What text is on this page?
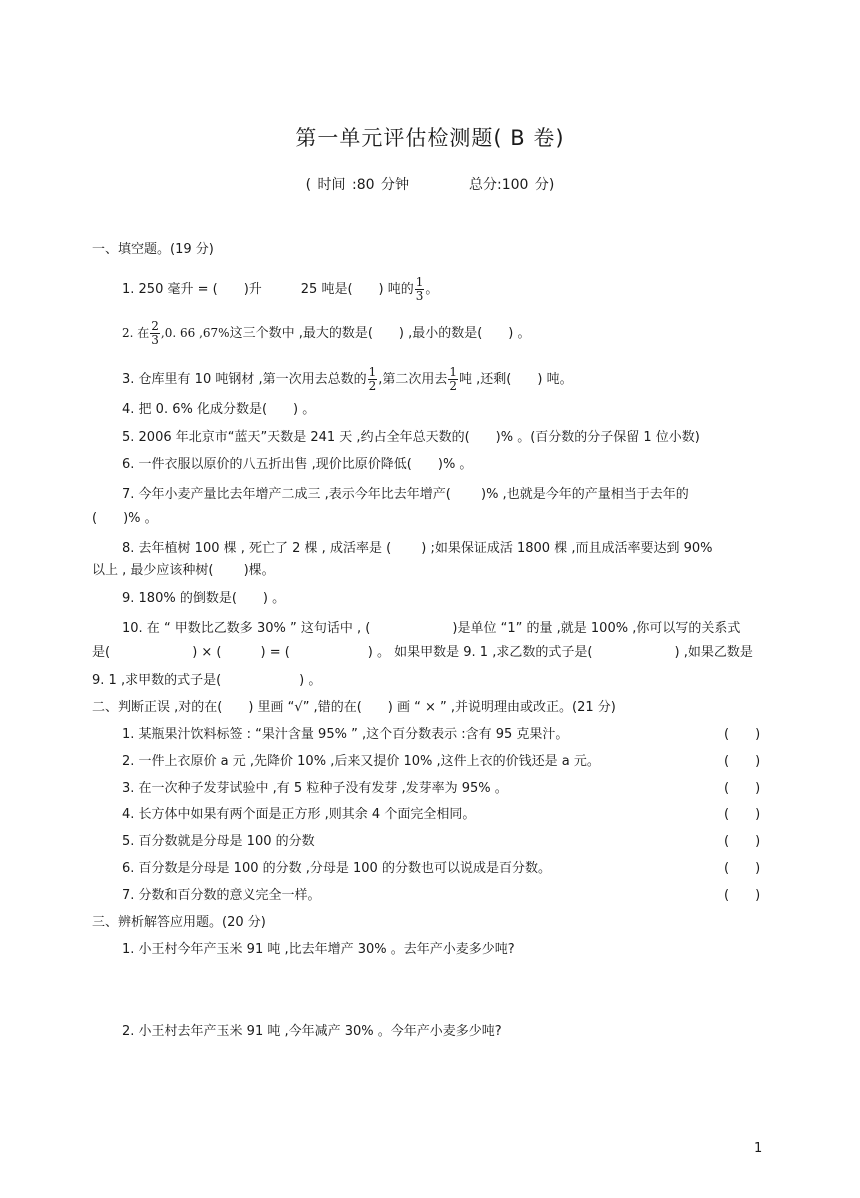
第一单元评估检测题( B 卷)
( 时间 :80 分钟	总分:100 分)
一、填空题。(19 分)
1. 250 毫升 = (　　)升　　　25 吨是(　　) 吨的 $\frac{1}{3}$ 。
2. 在 $\frac{2}{3} ,0$. 66 ,67%这三个数中 ,最大的数是(　　) ,最小的数是(　　) 。
3. 仓库里有 10 吨钢材 ,第一次用去总数的 $\frac{1}{2}$ ,第二次用去 $\frac{1}{2}$ 吨 ,还剩(　　) 吨。
4. 把 0. 6% 化成分数是(　　) 。
5. 2006 年北京市“蓝天”天数是 241 天 ,约占全年总天数的(　　)% 。(百分数的分子保留 1 位小数)
6. 一件衣服以原价的八五折出售 ,现价比原价降低(　　)% 。
7. 今年小麦产量比去年增产二成三 ,表示今年比去年增产(　　 )% ,也就是今年的产量相当于去年的
(　　)% 。
8. 去年植树 100 棵 , 死亡了 2 棵 , 成活率是 (　　 ) ;如果保证成活 1800 棵 ,而且成活率要达到 90%
以上 , 最少应该种树(　　 )棵。
9. 180% 的倒数是(　　) 。
10. 在 “ 甲数比乙数多 30% ” 这句话中 , (　　　　　　 )是单位 “1” 的量 ,就是 100% ,你可以写的关系式
是(　　　　　　 ) × (　　　) = (　　　　　　) 。 如果甲数是 9. 1 ,求乙数的式子是(　　　　　　 ) ,如果乙数是
9. 1 ,求甲数的式子是(　　　　　　) 。
二、判断正误 ,对的在(　　) 里画 “√” ,错的在(　　) 画 “ × ” ,并说明理由或改正。(21 分)
1. 某瓶果汁饮料标签 : “果汁含量 95% ” ,这个百分数表示 :含有 95 克果汁。	(　　)
2. 一件上衣原价 a 元 ,先降价 10% ,后来又提价 10% ,这件上衣的价钱还是 a 元。	(　　)
3. 在一次种子发芽试验中 ,有 5 粒种子没有发芽 ,发芽率为 95% 。	(　　)
4. 长方体中如果有两个面是正方形 ,则其余 4 个面完全相同。	(　　)
5. 百分数就是分母是 100 的分数	(　　)
6. 百分数是分母是 100 的分数 ,分母是 100 的分数也可以说成是百分数。	(　　)
7. 分数和百分数的意义完全一样。	(　　)
三、辨析解答应用题。(20 分)
1. 小王村今年产玉米 91 吨 ,比去年增产 30% 。去年产小麦多少吨?
2. 小王村去年产玉米 91 吨 ,今年减产 30% 。今年产小麦多少吨?
1
